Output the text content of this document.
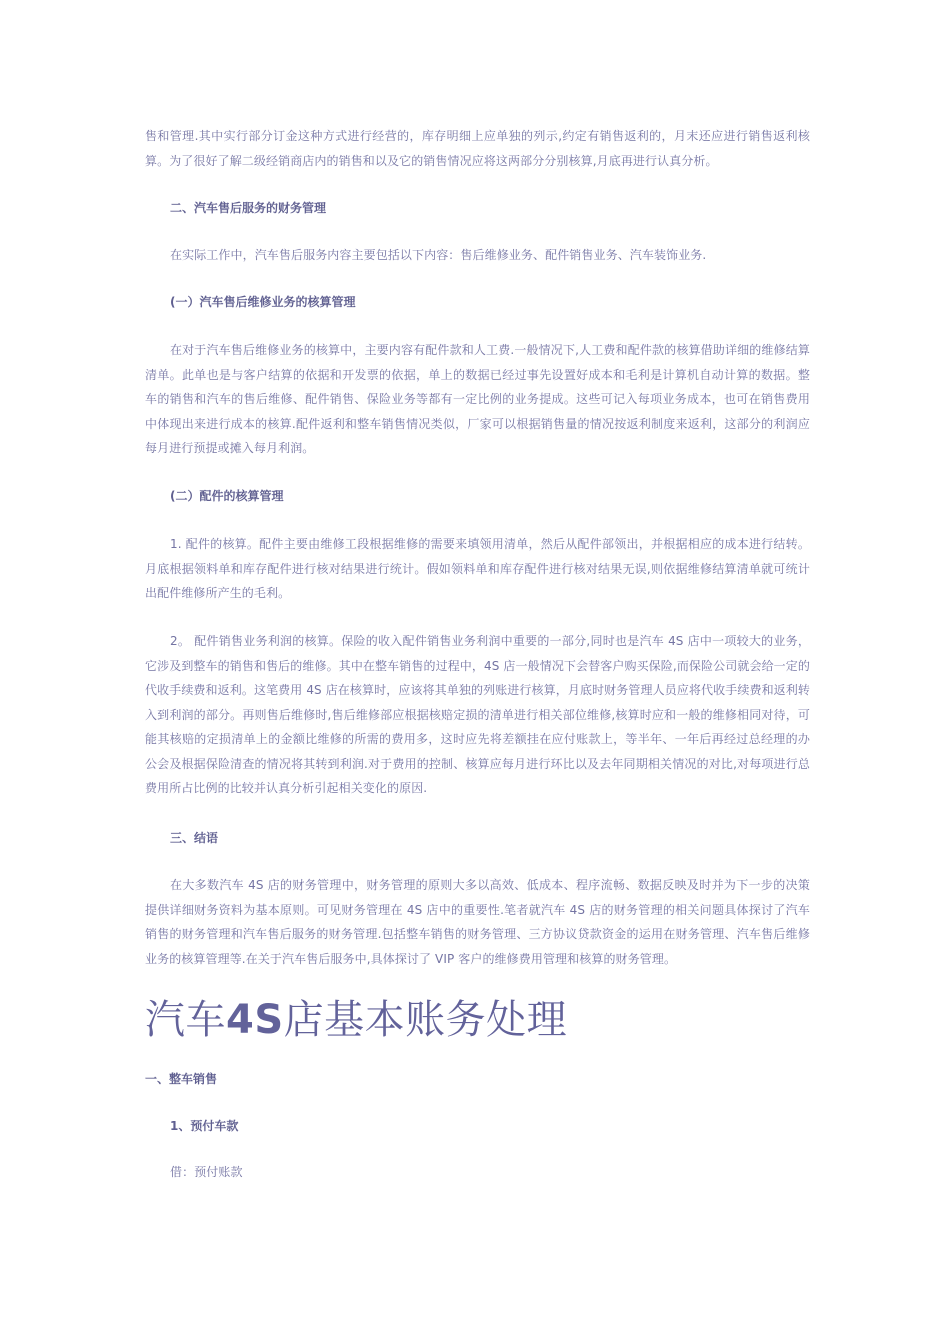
售和管理.其中实行部分订金这种方式进行经营的，库存明细上应单独的列示,约定有销售返利的，月末还应进行销售返利核算。为了很好了解二级经销商店内的销售和以及它的销售情况应将这两部分分别核算,月底再进行认真分析。

二、汽车售后服务的财务管理

在实际工作中，汽车售后服务内容主要包括以下内容：售后维修业务、配件销售业务、汽车装饰业务.

(一）汽车售后维修业务的核算管理

在对于汽车售后维修业务的核算中，主要内容有配件款和人工费.一般情况下,人工费和配件款的核算借助详细的维修结算清单。此单也是与客户结算的依据和开发票的依据，单上的数据已经过事先设置好成本和毛利是计算机自动计算的数据。整车的销售和汽车的售后维修、配件销售、保险业务等都有一定比例的业务提成。这些可记入每项业务成本，也可在销售费用中体现出来进行成本的核算.配件返利和整车销售情况类似，厂家可以根据销售量的情况按返利制度来返利，这部分的利润应每月进行预提或摊入每月利润。

(二）配件的核算管理

1. 配件的核算。配件主要由维修工段根据维修的需要来填领用清单，然后从配件部领出，并根据相应的成本进行结转。月底根据领料单和库存配件进行核对结果进行统计。假如领料单和库存配件进行核对结果无误,则依据维修结算清单就可统计出配件维修所产生的毛利。

2。 配件销售业务利润的核算。保险的收入配件销售业务利润中重要的一部分,同时也是汽车 4S 店中一项较大的业务，它涉及到整车的销售和售后的维修。其中在整车销售的过程中，4S 店一般情况下会替客户购买保险,而保险公司就会给一定的代收手续费和返利。这笔费用 4S 店在核算时，应该将其单独的列账进行核算，月底时财务管理人员应将代收手续费和返利转入到利润的部分。再则售后维修时,售后维修部应根据核赔定损的清单进行相关部位维修,核算时应和一般的维修相同对待，可能其核赔的定损清单上的金额比维修的所需的费用多，这时应先将差额挂在应付账款上，等半年、一年后再经过总经理的办公会及根据保险清查的情况将其转到利润.对于费用的控制、核算应每月进行环比以及去年同期相关情况的对比,对每项进行总费用所占比例的比较并认真分析引起相关变化的原因.

三、结语

在大多数汽车 4S 店的财务管理中，财务管理的原则大多以高效、低成本、程序流畅、数据反映及时并为下一步的决策提供详细财务资料为基本原则。可见财务管理在 4S 店中的重要性.笔者就汽车 4S 店的财务管理的相关问题具体探讨了汽车销售的财务管理和汽车售后服务的财务管理.包括整车销售的财务管理、三方协议贷款资金的运用在财务管理、汽车售后维修业务的核算管理等.在关于汽车售后服务中,具体探讨了 VIP 客户的维修费用管理和核算的财务管理。

汽车4S店基本账务处理

一、整车销售

1、预付车款

借：预付账款
